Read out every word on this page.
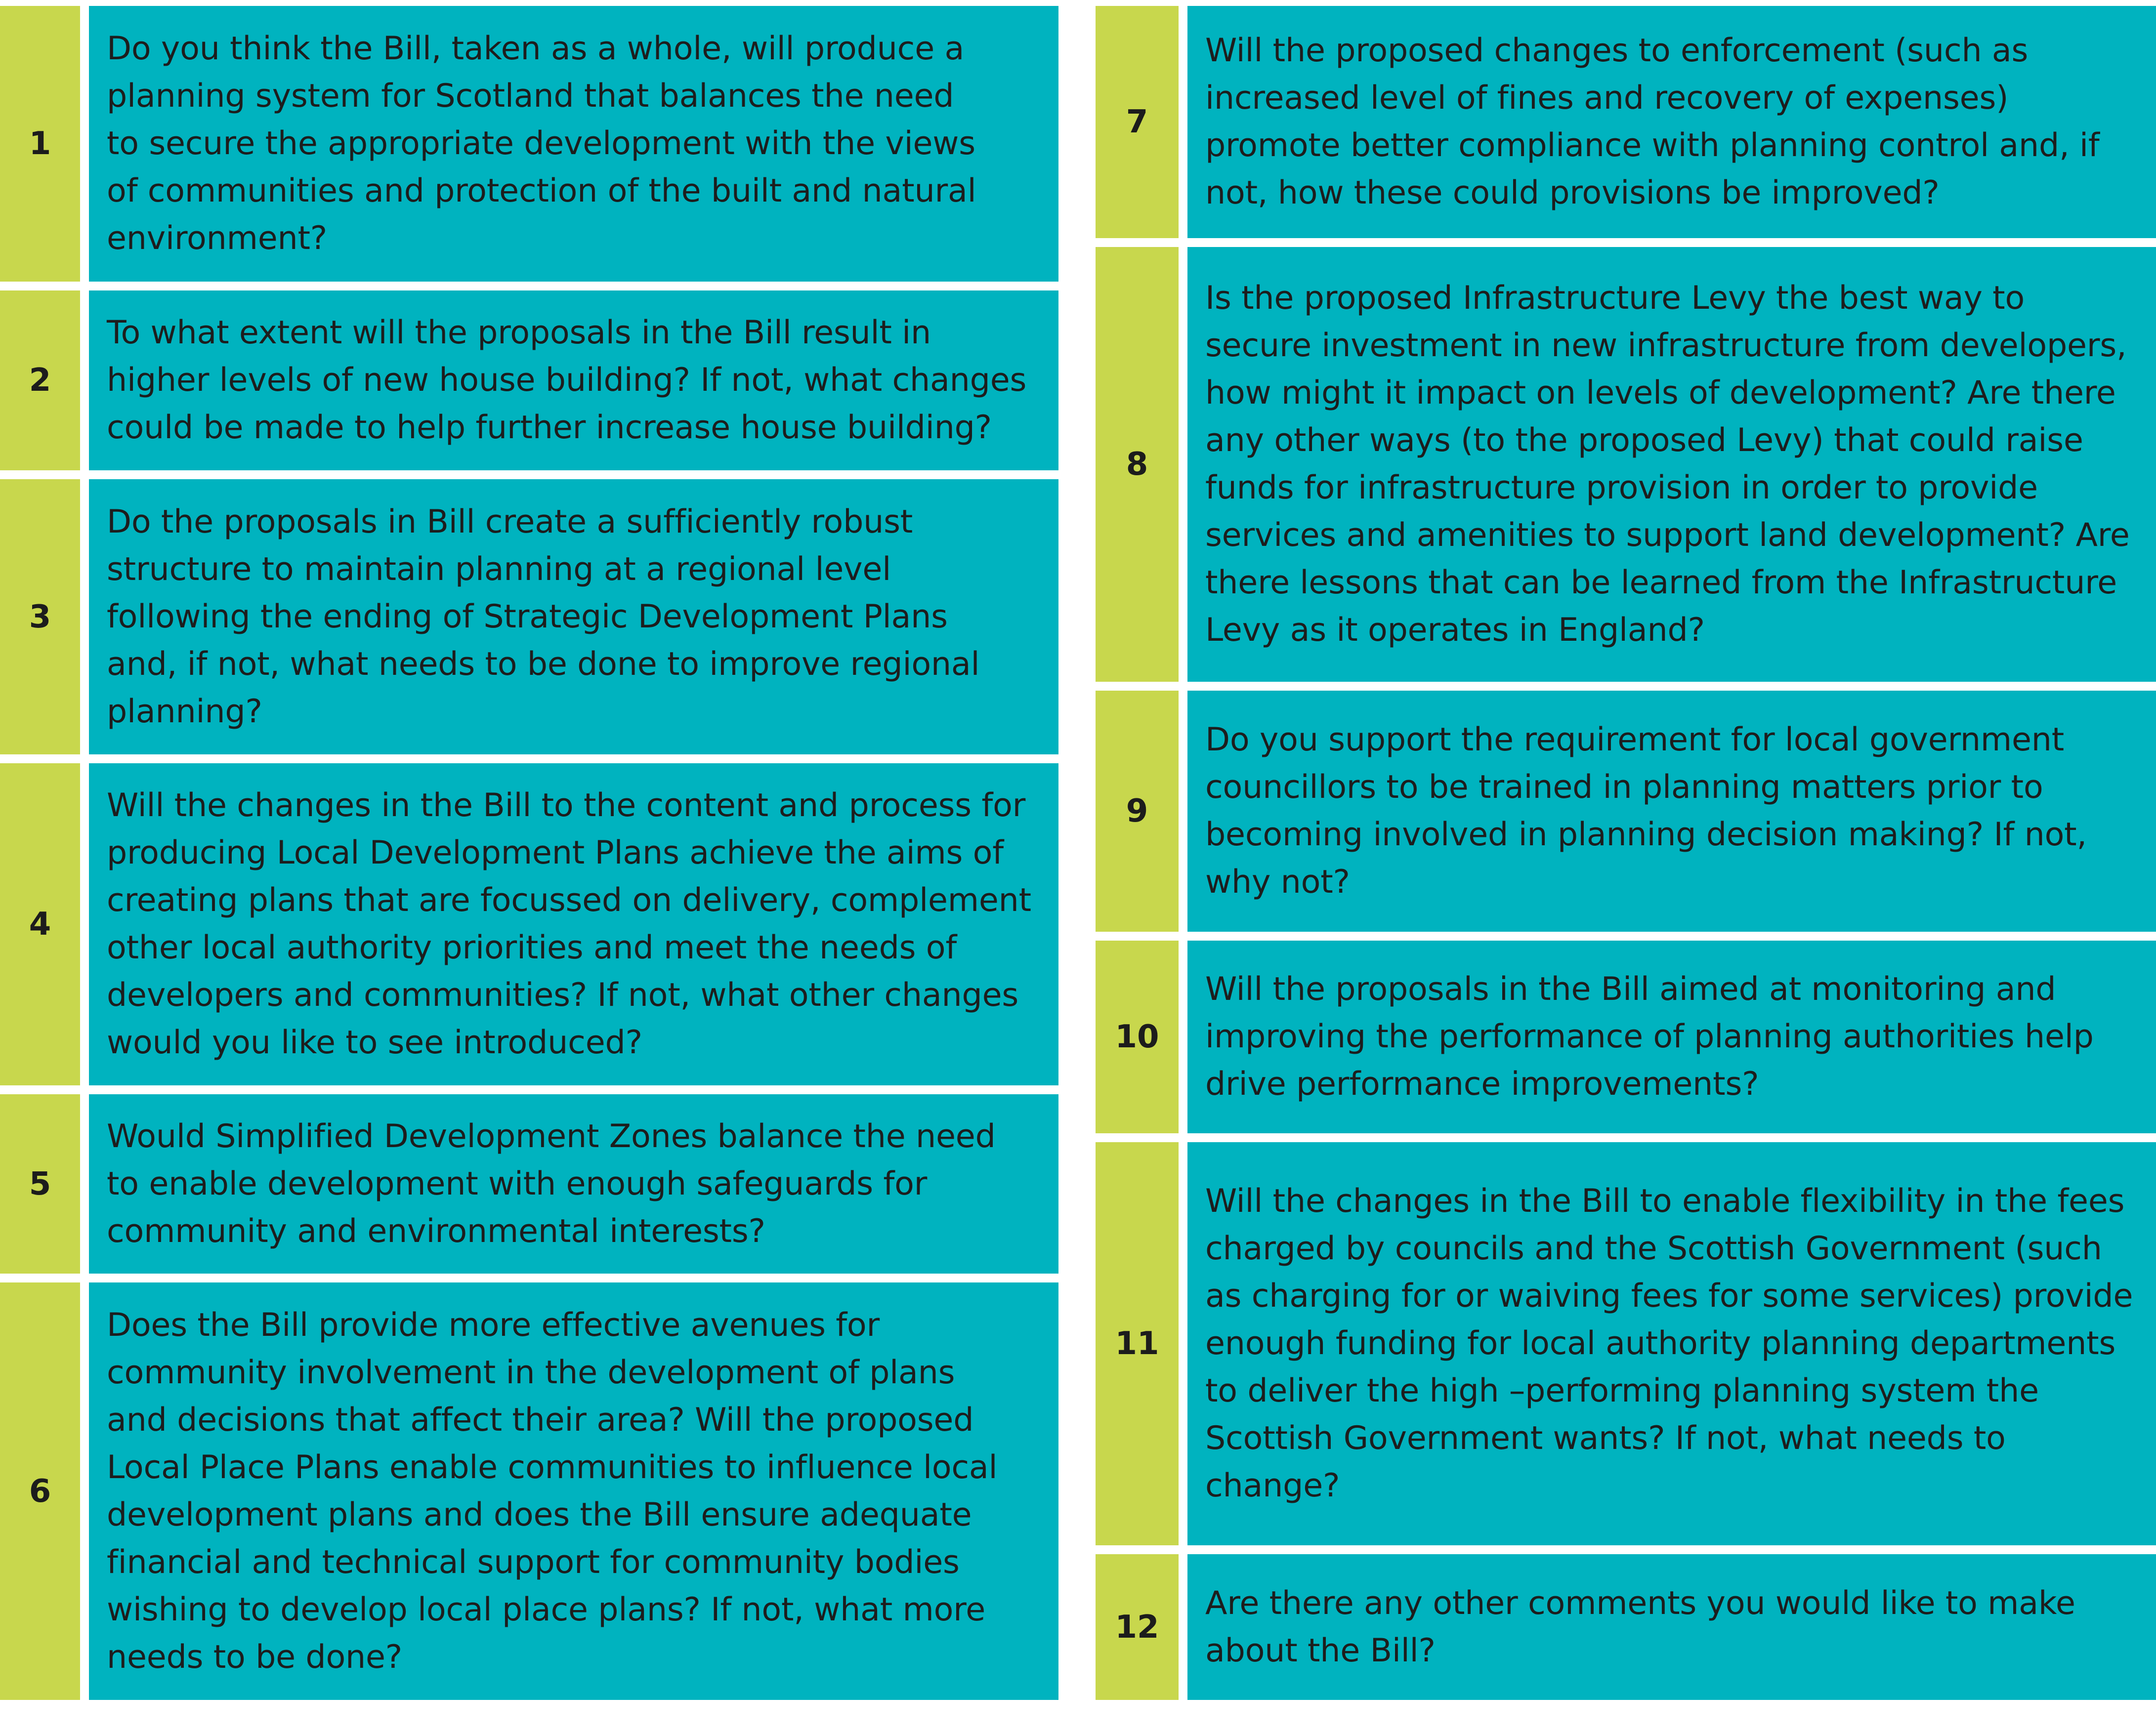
1
Do you think the Bill, taken as a whole, will produce a
planning system for Scotland that balances the need
to secure the appropriate development with the views
of communities and protection of the built and natural
environment?
2
To what extent will the proposals in the Bill result in
higher levels of new house building? If not, what changes
could be made to help further increase house building?
3
Do the proposals in Bill create a sufficiently robust
structure to maintain planning at a regional level
following the ending of Strategic Development Plans
and, if not, what needs to be done to improve regional
planning?
4
Will the changes in the Bill to the content and process for
producing Local Development Plans achieve the aims of
creating plans that are focussed on delivery, complement
other local authority priorities and meet the needs of
developers and communities? If not, what other changes
would you like to see introduced?
5
Would Simplified Development Zones balance the need
to enable development with enough safeguards for
community and environmental interests?
6
Does the Bill provide more effective avenues for
community involvement in the development of plans
and decisions that affect their area? Will the proposed
Local Place Plans enable communities to influence local
development plans and does the Bill ensure adequate
financial and technical support for community bodies
wishing to develop local place plans? If not, what more
needs to be done?
7
Will the proposed changes to enforcement (such as
increased level of fines and recovery of expenses)
promote better compliance with planning control and, if
not, how these could provisions be improved?
8
Is the proposed Infrastructure Levy the best way to
secure investment in new infrastructure from developers,
how might it impact on levels of development? Are there
any other ways (to the proposed Levy) that could raise
funds for infrastructure provision in order to provide
services and amenities to support land development? Are
there lessons that can be learned from the Infrastructure
Levy as it operates in England?
9
Do you support the requirement for local government
councillors to be trained in planning matters prior to
becoming involved in planning decision making? If not,
why not?
10
Will the proposals in the Bill aimed at monitoring and
improving the performance of planning authorities help
drive performance improvements?
11
Will the changes in the Bill to enable flexibility in the fees
charged by councils and the Scottish Government (such
as charging for or waiving fees for some services) provide
enough funding for local authority planning departments
to deliver the high –performing planning system the
Scottish Government wants? If not, what needs to
change?
12
Are there any other comments you would like to make
about the Bill?
